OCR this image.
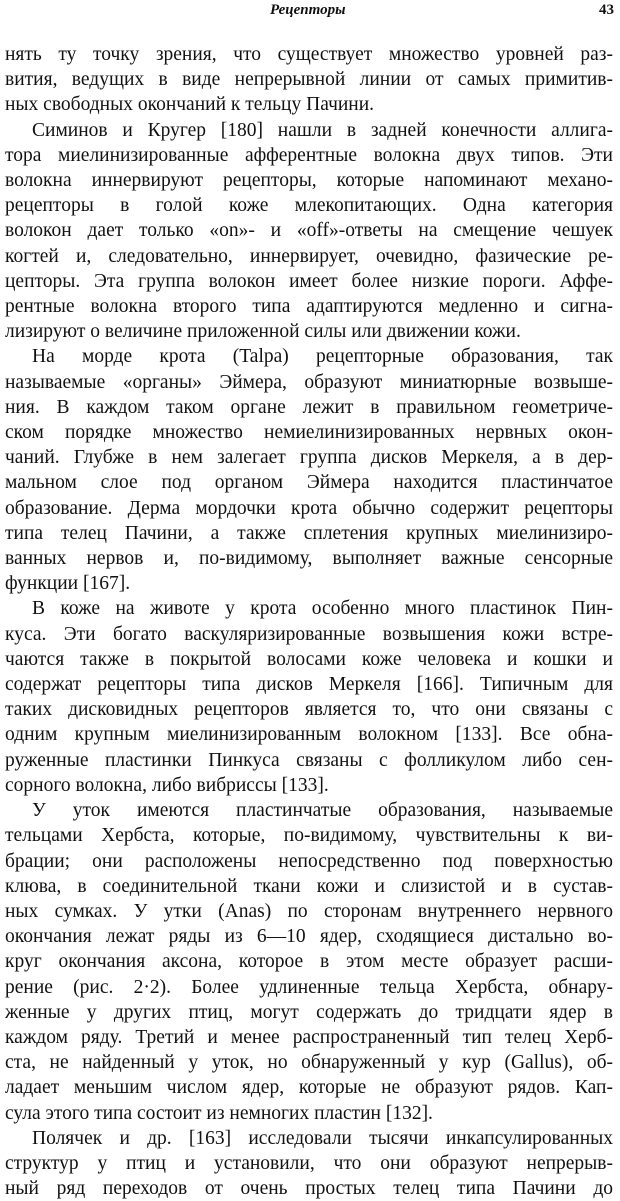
Рецепторы	43

нять ту точку зрения, что существует множество уровней раз-
вития, ведущих в виде непрерывной линии от самых примитив-
ных свободных окончаний к тельцу Пачини.

Симинов и Кругер [180] нашли в задней конечности аллига-
тора миелинизированные афферентные волокна двух типов. Эти
волокна иннервируют рецепторы, которые напоминают механо-
рецепторы в голой коже млекопитающих. Одна категория
волокон дает только «on»- и «off»-ответы на смещение чешуек
когтей и, следовательно, иннервирует, очевидно, фазические ре-
цепторы. Эта группа волокон имеет более низкие пороги. Аффе-
рентные волокна второго типа адаптируются медленно и сигна-
лизируют о величине приложенной силы или движении кожи.

На морде крота (Talpa) рецепторные образования, так
называемые «органы» Эймера, образуют миниатюрные возвыше-
ния. В каждом таком органе лежит в правильном геометриче-
ском порядке множество немиелинизированных нервных окон-
чаний. Глубже в нем залегает группа дисков Меркеля, а в дер-
мальном слое под органом Эймера находится пластинчатое
образование. Дерма мордочки крота обычно содержит рецепторы
типа телец Пачини, а также сплетения крупных миелинизиро-
ванных нервов и, по-видимому, выполняет важные сенсорные
функции [167].

В коже на животе у крота особенно много пластинок Пин-
куса. Эти богато васкуляризированные возвышения кожи встре-
чаются также в покрытой волосами коже человека и кошки и
содержат рецепторы типа дисков Меркеля [166]. Типичным для
таких дисковидных рецепторов является то, что они связаны с
одним крупным миелинизированным волокном [133]. Все обна-
руженные пластинки Пинкуса связаны с фолликулом либо сен-
сорного волокна, либо вибриссы [133].

У уток имеются пластинчатые образования, называемые
тельцами Хербста, которые, по-видимому, чувствительны к ви-
брации; они расположены непосредственно под поверхностью
клюва, в соединительной ткани кожи и слизистой и в сустав-
ных сумках. У утки (Anas) по сторонам внутреннего нервного
окончания лежат ряды из 6—10 ядер, сходящиеся дистально во-
круг окончания аксона, которое в этом месте образует расши-
рение (рис. 2·2). Более удлиненные тельца Хербста, обнару-
женные у других птиц, могут содержать до тридцати ядер в
каждом ряду. Третий и менее распространенный тип телец Херб-
ста, не найденный у уток, но обнаруженный у кур (Gallus), об-
ладает меньшим числом ядер, которые не образуют рядов. Кап-
сула этого типа состоит из немногих пластин [132].

Полячек и др. [163] исследовали тысячи инкапсулированных
структур у птиц и установили, что они образуют непрерыв-
ный ряд переходов от очень простых телец типа Пачини до
